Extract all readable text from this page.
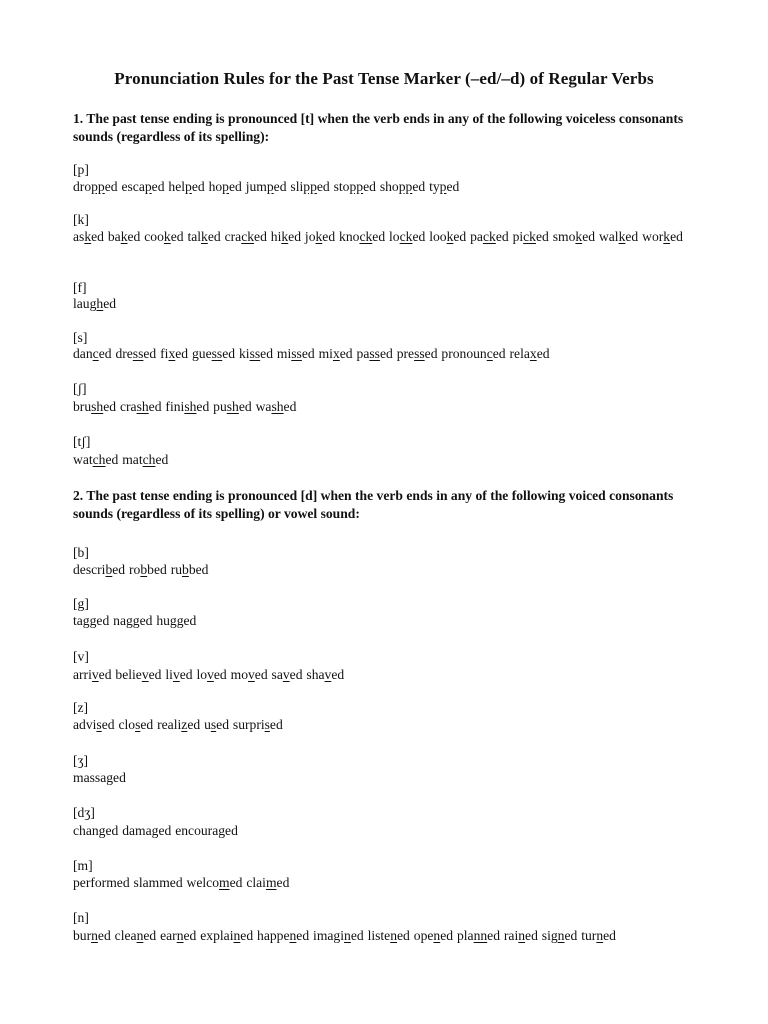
Pronunciation Rules for the Past Tense Marker (–ed/–d) of Regular Verbs
1. The past tense ending is pronounced [t] when the verb ends in any of the following voiceless consonants sounds (regardless of its spelling):
[p]
dropped escaped helped hoped jumped slipped stopped shopped typed
[k]
asked baked cooked talked cracked hiked joked knocked locked looked packed picked smoked walked worked
[f]
laughed
[s]
danced dressed fixed guessed kissed missed mixed passed pressed pronounced relaxed
[ʃ]
brushed crashed finished pushed washed
[tʃ]
watched matched
2. The past tense ending is pronounced [d] when the verb ends in any of the following voiced consonants sounds (regardless of its spelling) or vowel sound:
[b]
described robbed rubbed
[g]
tagged nagged hugged
[v]
arrived believed lived loved moved saved shaved
[z]
advised closed realized used surprised
[ʒ]
massaged
[dʒ]
changed damaged encouraged
[m]
performed slammed welcomed claimed
[n]
burned cleaned earned explained happened imagined listened opened planned rained signed turned
